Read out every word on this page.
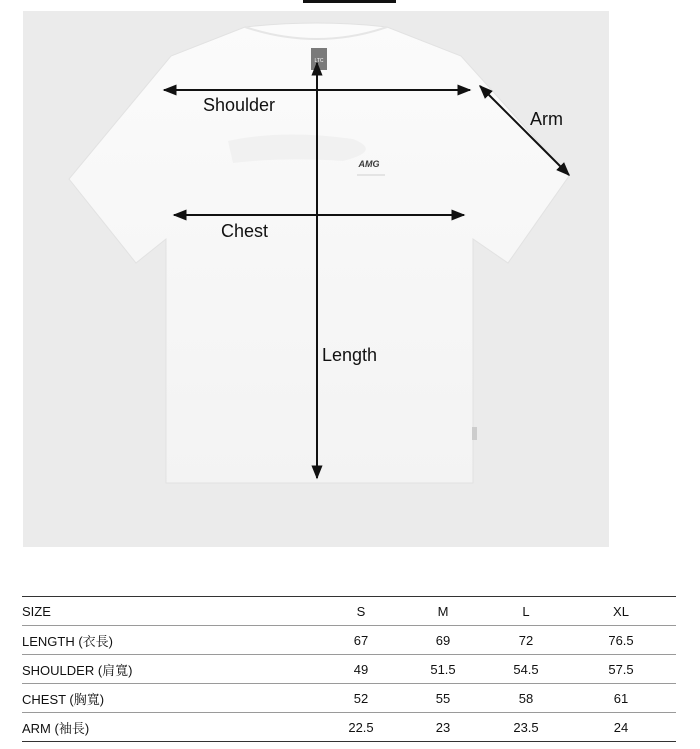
LTC
AMG
Shoulder
Arm
Chest
Length
SIZE	S	M	L	XL
LENGTH (衣長)	67	69	72	76.5
SHOULDER (肩寬)	49	51.5	54.5	57.5
CHEST (胸寬)	52	55	58	61
ARM (袖長)	22.5	23	23.5	24
